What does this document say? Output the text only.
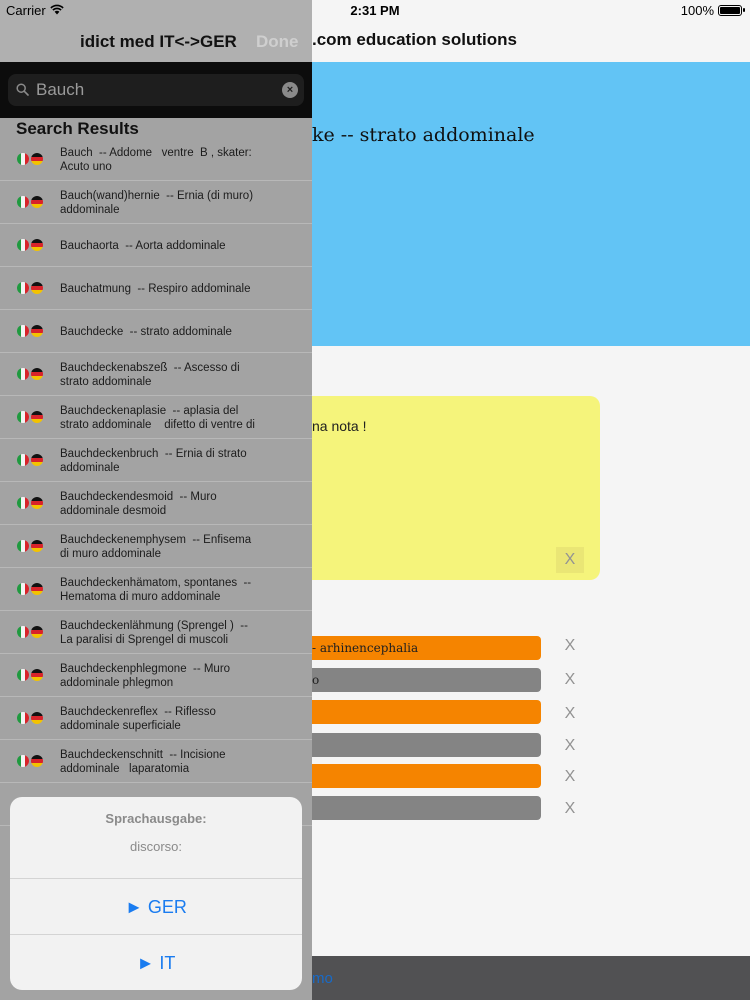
Carrier	2:31 PM	100%
.com education solutions
ke -- strato addominale
na nota !
X
- arhinencephalia	X
o	X
X
X
X
X
mo
idict med IT<->GER Done
Bauch
×
Search Results
Bauch  -- Addome   ventre  B , skater:
Acuto uno
Bauch(wand)hernie  -- Ernia (di muro)
addominale
Bauchaorta  -- Aorta addominale
Bauchatmung  -- Respiro addominale
Bauchdecke  -- strato addominale
Bauchdeckenabszeß  -- Ascesso di
strato addominale
Bauchdeckenaplasie  -- aplasia del
strato addominale    difetto di ventre di
Bauchdeckenbruch  -- Ernia di strato
addominale
Bauchdeckendesmoid  -- Muro
addominale desmoid
Bauchdeckenemphysem  -- Enfisema
di muro addominale
Bauchdeckenhämatom, spontanes  --
Hematoma di muro addominale
Bauchdeckenlähmung (Sprengel )  --
La paralisi di Sprengel di muscoli
Bauchdeckenphlegmone  -- Muro
addominale phlegmon
Bauchdeckenreflex  -- Riflesso
addominale superficiale
Bauchdeckenschnitt  -- Incisione
addominale   laparatomia
Sprachausgabe:
discorso:
► GER
► IT
